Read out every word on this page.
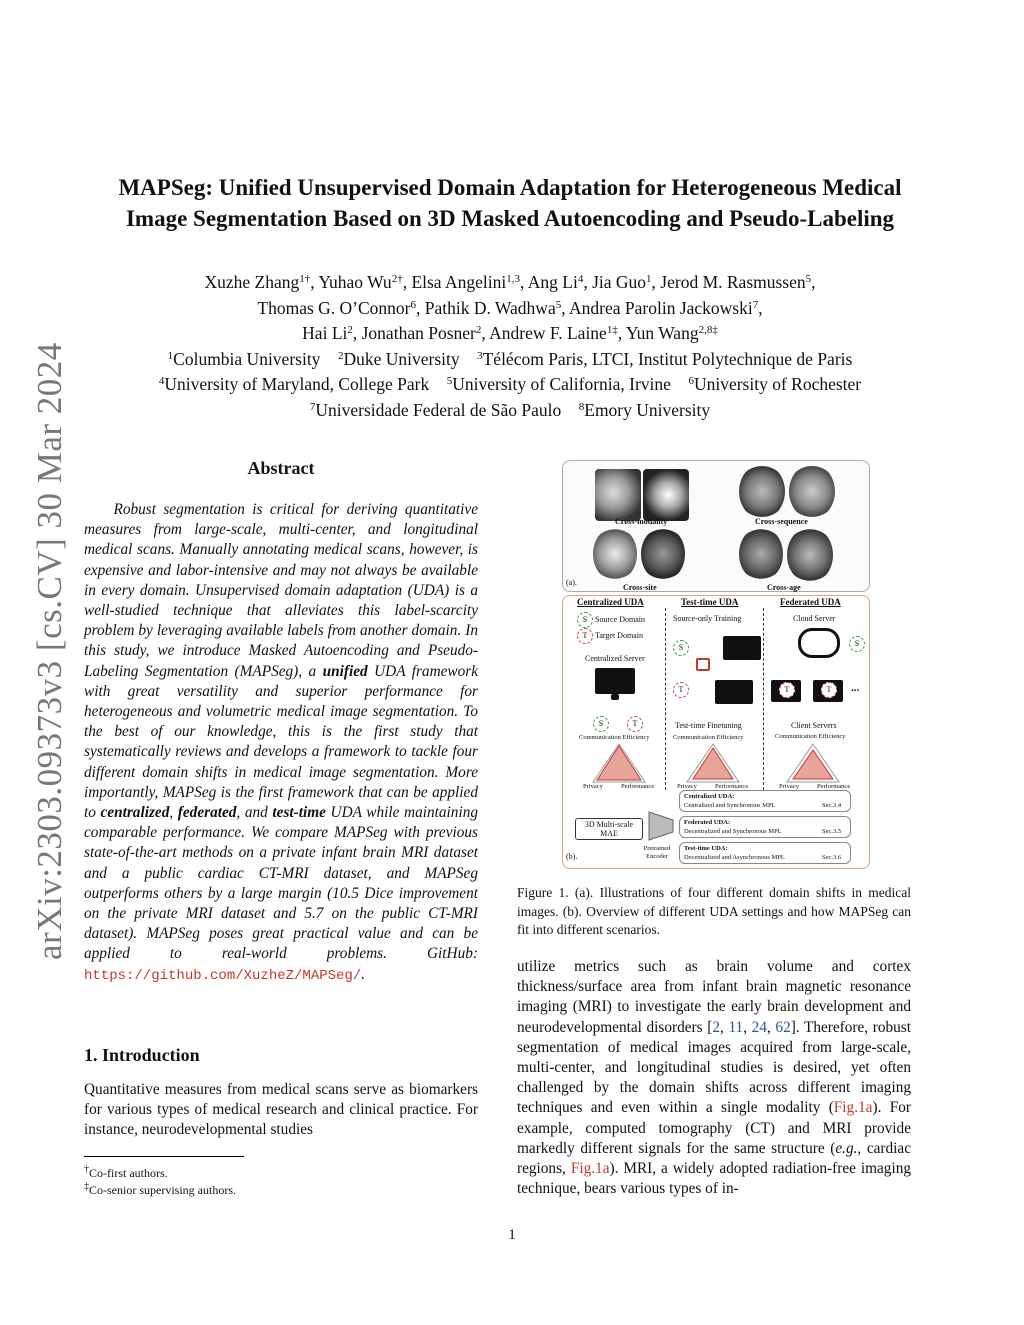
arXiv:2303.09373v3 [cs.CV] 30 Mar 2024
MAPSeg: Unified Unsupervised Domain Adaptation for Heterogeneous Medical
Image Segmentation Based on 3D Masked Autoencoding and Pseudo-Labeling
Xuzhe Zhang$^{1\dagger}$, Yuhao $Wu^{2\dagger}$, Elsa Angelini$^{1,3}$, Ang Li$^4$, Jia Guo$^1$, Jerod M. Rasmussen$^5$,
Thomas G. O’Connor$^6$, Pathik D. Wadhwa$^5$, Andrea Parolin Jackowski$^7$,
Hai Li$^2$, Jonathan Posner$^2$, Andrew F. Laine$^{1\ddagger}$, Yun Wang$^{2,8\ddagger}$
$^1$Columbia University $^2$Duke University $^3$Télécom Paris, LTCI, Institut Polytechnique de Paris
$^4$University of Maryland, College Park $^5$University of California, Irvine $^6$University of Rochester
$^7$Universidade Federal de São Paulo $^8$Emory University
Abstract
Robust segmentation is critical for deriving quantitative measures from large-scale, multi-center, and longitudinal medical scans. Manually annotating medical scans, however, is expensive and labor-intensive and may not always be available in every domain. Unsupervised domain adaptation (UDA) is a well-studied technique that alleviates this label-scarcity problem by leveraging available labels from another domain. In this study, we introduce Masked Autoencoding and Pseudo-Labeling Segmentation (MAPSeg), a unified UDA framework with great versatility and superior performance for heterogeneous and volumetric medical image segmentation. To the best of our knowledge, this is the first study that systematically reviews and develops a framework to tackle four different domain shifts in medical image segmentation. More importantly, MAPSeg is the first framework that can be applied to centralized, federated, and test-time UDA while maintaining comparable performance. We compare MAPSeg with previous state-of-the-art methods on a private infant brain MRI dataset and a public cardiac CT-MRI dataset, and MAPSeg outperforms others by a large margin (10.5 Dice improvement on the private MRI dataset and 5.7 on the public CT-MRI dataset). MAPSeg poses great practical value and can be applied to real-world problems. GitHub: https://github.com/XuzheZ/MAPSeg/.
1. Introduction
Quantitative measures from medical scans serve as biomarkers for various types of medical research and clinical practice. For instance, neurodevelopmental studies
†Co-first authors.
‡Co-senior supervising authors.
Cross-modality	Cross-sequence
(a).
Cross-site	Cross-age
Centralized UDA	Test-time UDA	Federated UDA
S Source Domain
T Target Domain
Centralized Server
S	T
Source-only Training
S
T
Test-time Finetuning
Cloud Server
S
T	T	...
Client Servers
Communication Efficiency	Communication Efficiency	Communication Efficiency
Privacy	Performance	Privacy	Performance	Privacy	Performance
3D Multi-scale MAE
Pretrained Encoder
Centralized UDA:
Centralized and Synchronous MPL	Sec.3.4
Federated UDA:
Decentralized and Synchronous MPL	Sec.3.5
Test-time UDA:
Decentralized and Asynchronous MPL	Sec.3.6
(b).
Figure 1. (a). Illustrations of four different domain shifts in medical images. (b). Overview of different UDA settings and how MAPSeg can fit into different scenarios.
utilize metrics such as brain volume and cortex thickness/surface area from infant brain magnetic resonance imaging (MRI) to investigate the early brain development and neurodevelopmental disorders [2, 11, 24, 62]. Therefore, robust segmentation of medical images acquired from large-scale, multi-center, and longitudinal studies is desired, yet often challenged by the domain shifts across different imaging techniques and even within a single modality (Fig.1a). For example, computed tomography (CT) and MRI provide markedly different signals for the same structure (e.g., cardiac regions, Fig.1a). MRI, a widely adopted radiation-free imaging technique, bears various types of in-
1
